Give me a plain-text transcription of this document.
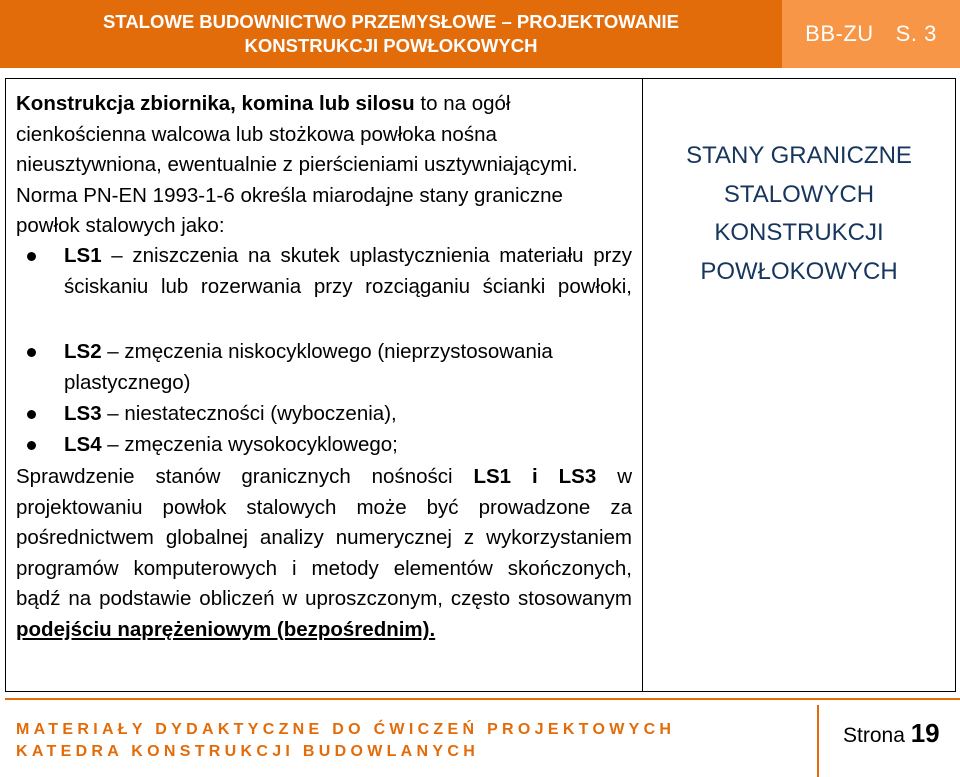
STALOWE BUDOWNICTWO PRZEMYSŁOWE – PROJEKTOWANIE
KONSTRUKCJI POWŁOKOWYCH	BB-ZU S. 3
Konstrukcja zbiornika, komina lub silosu to na ogół cienkościenna walcowa lub stożkowa powłoka nośna nieusztywniona, ewentualnie z pierścieniami usztywniającymi. Norma PN-EN 1993-1-6 określa miarodajne stany graniczne powłok stalowych jako:
LS1 – zniszczenia na skutek uplastycznienia materiału przy ściskaniu lub rozerwania przy rozciąganiu ścianki powłoki,
LS2 – zmęczenia niskocyklowego (nieprzystosowania plastycznego)
LS3 – niestateczności (wyboczenia),
LS4 – zmęczenia wysokocyklowego;
Sprawdzenie stanów granicznych nośności LS1 i LS3 w projektowaniu powłok stalowych może być prowadzone za pośrednictwem globalnej analizy numerycznej z wykorzystaniem programów komputerowych i metody elementów skończonych, bądź na podstawie obliczeń w uproszczonym, często stosowanym podejściu naprężeniowym (bezpośrednim).
STANY GRANICZNE STALOWYCH KONSTRUKCJI POWŁOKOWYCH
MATERIAŁY DYDAKTYCZNE DO ĆWICZEŃ PROJEKTOWYCH
KATEDRA KONSTRUKCJI BUDOWLANYCH
Strona 19
